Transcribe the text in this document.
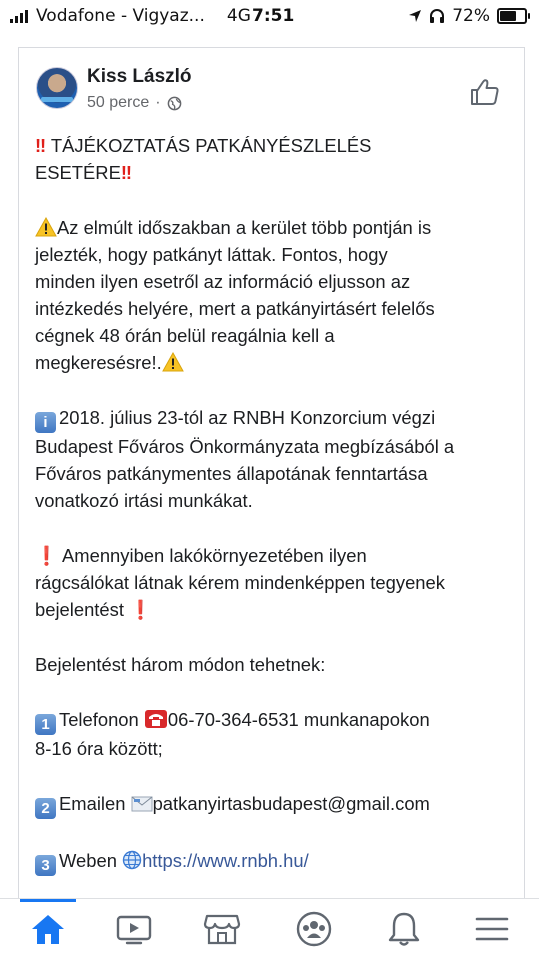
Vodafone - Vigyaz... 4G 7:51	72%
Kiss László
50 perce ·

‼ TÁJÉKOZTATÁS PATKÁNYÉSZLELÉS
ESETÉRE‼

Az elmúlt időszakban a kerület több pontján is
jelezték, hogy patkányt láttak. Fontos, hogy
minden ilyen esetről az információ eljusson az
intézkedés helyére, mert a patkányirtásért felelős
cégnek 48 órán belül reagálnia kell a
megkeresésre!.

i 2018. július 23-tól az RNBH Konzorcium végzi
Budapest Főváros Önkormányzata megbízásából a
Főváros patkánymentes állapotának fenntartása
vonatkozó irtási munkákat.

❗ Amennyiben lakókörnyezetében ilyen
rágcsálókat látnak kérem mindenképpen tegyenek
bejelentést ❗

Bejelentést három módon tehetnek:

1 Telefonon 06-70-364-6531 munkanapokon
8-16 óra között;

2 Emailen patkanyirtasbudapest@gmail.com

3 Weben https://www.rnbh.hu/
